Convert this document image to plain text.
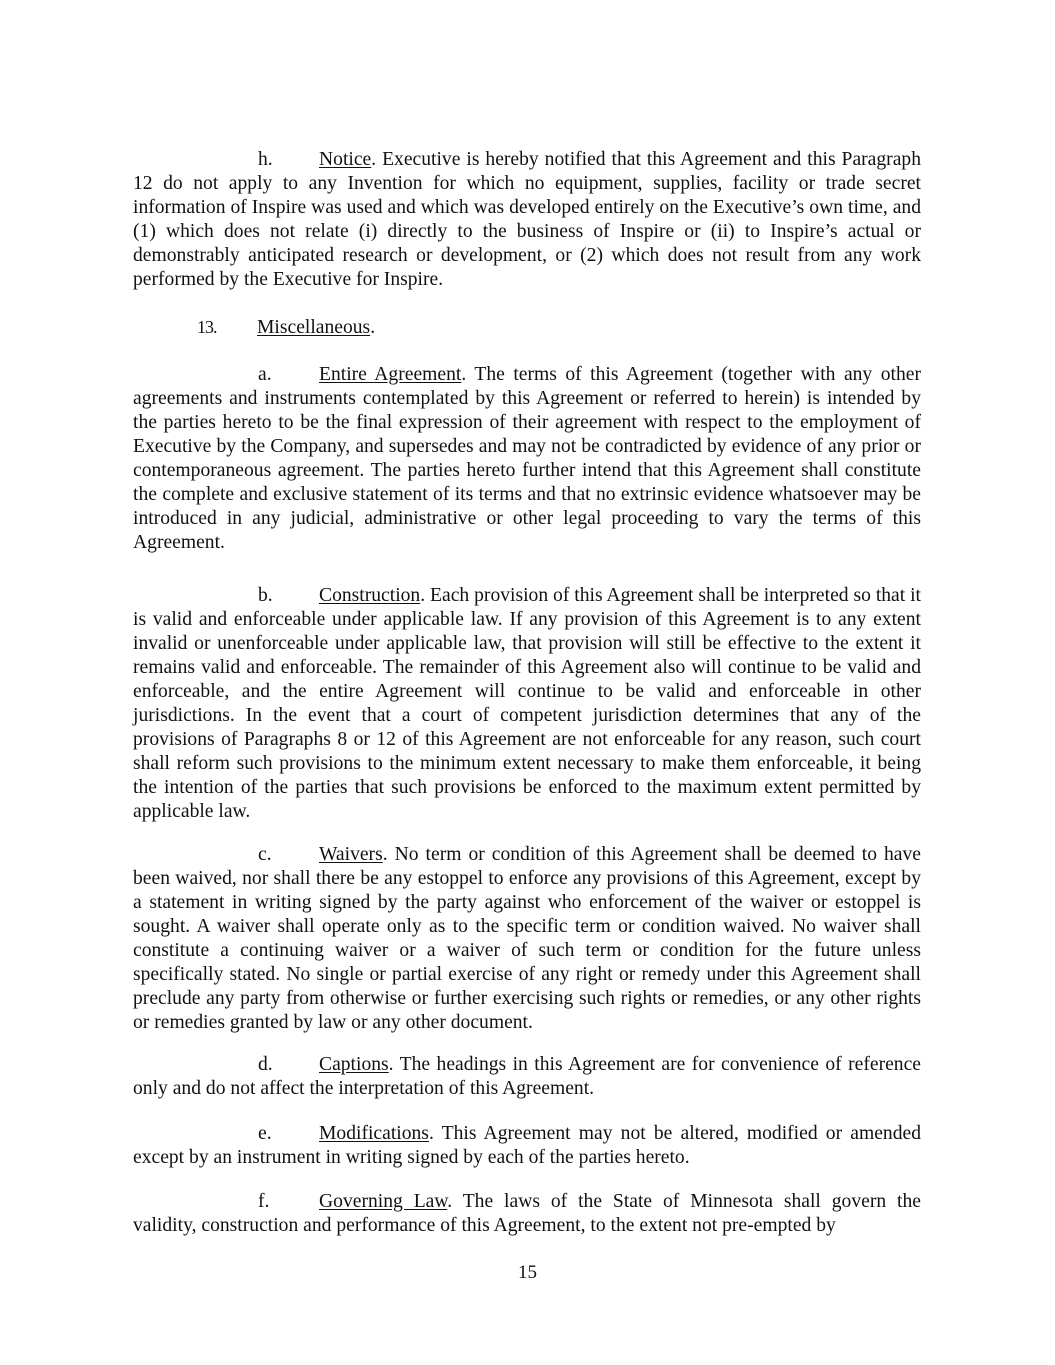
h. Notice. Executive is hereby notified that this Agreement and this Paragraph 12 do not apply to any Invention for which no equipment, supplies, facility or trade secret information of Inspire was used and which was developed entirely on the Executive’s own time, and (1) which does not relate (i) directly to the business of Inspire or (ii) to Inspire’s actual or demonstrably anticipated research or development, or (2) which does not result from any work performed by the Executive for Inspire.

13. Miscellaneous.

a. Entire Agreement. The terms of this Agreement (together with any other agreements and instruments contemplated by this Agreement or referred to herein) is intended by the parties hereto to be the final expression of their agreement with respect to the employment of Executive by the Company, and supersedes and may not be contradicted by evidence of any prior or contemporaneous agreement. The parties hereto further intend that this Agreement shall constitute the complete and exclusive statement of its terms and that no extrinsic evidence whatsoever may be introduced in any judicial, administrative or other legal proceeding to vary the terms of this Agreement.

b. Construction. Each provision of this Agreement shall be interpreted so that it is valid and enforceable under applicable law. If any provision of this Agreement is to any extent invalid or unenforceable under applicable law, that provision will still be effective to the extent it remains valid and enforceable. The remainder of this Agreement also will continue to be valid and enforceable, and the entire Agreement will continue to be valid and enforceable in other jurisdictions. In the event that a court of competent jurisdiction determines that any of the provisions of Paragraphs 8 or 12 of this Agreement are not enforceable for any reason, such court shall reform such provisions to the minimum extent necessary to make them enforceable, it being the intention of the parties that such provisions be enforced to the maximum extent permitted by applicable law.

c. Waivers. No term or condition of this Agreement shall be deemed to have been waived, nor shall there be any estoppel to enforce any provisions of this Agreement, except by a statement in writing signed by the party against who enforcement of the waiver or estoppel is sought. A waiver shall operate only as to the specific term or condition waived. No waiver shall constitute a continuing waiver or a waiver of such term or condition for the future unless specifically stated. No single or partial exercise of any right or remedy under this Agreement shall preclude any party from otherwise or further exercising such rights or remedies, or any other rights or remedies granted by law or any other document.

d. Captions. The headings in this Agreement are for convenience of reference only and do not affect the interpretation of this Agreement.

e. Modifications. This Agreement may not be altered, modified or amended except by an instrument in writing signed by each of the parties hereto.

f.	Governing Law. The laws of the State of Minnesota shall govern the validity, construction and performance of this Agreement, to the extent not pre-empted by

15
